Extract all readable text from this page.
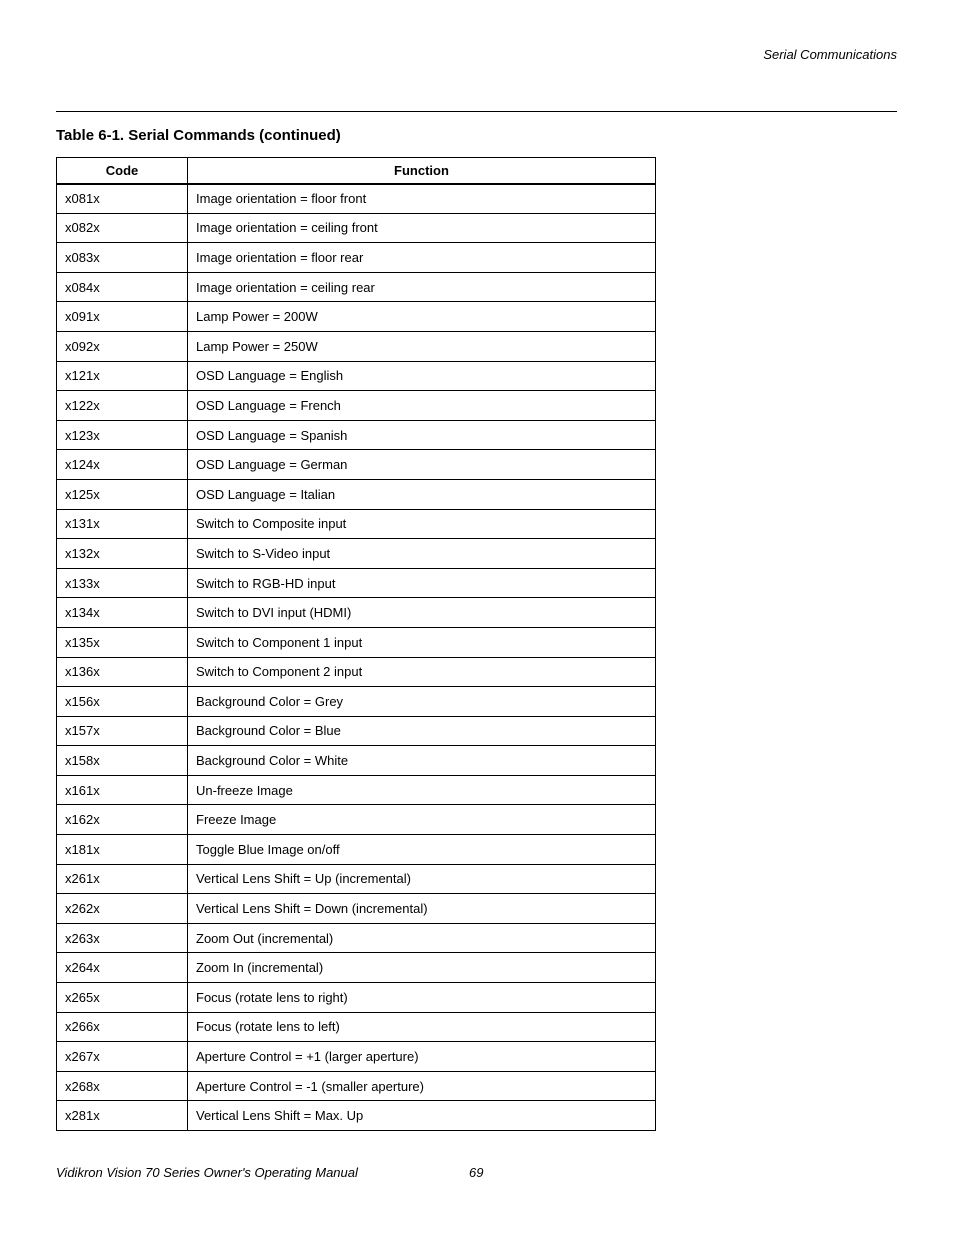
Serial Communications
Table 6-1. Serial Commands (continued)
Code	Function
x081x	Image orientation = floor front
x082x	Image orientation = ceiling front
x083x	Image orientation = floor rear
x084x	Image orientation = ceiling rear
x091x	Lamp Power = 200W
x092x	Lamp Power = 250W
x121x	OSD Language = English
x122x	OSD Language = French
x123x	OSD Language = Spanish
x124x	OSD Language = German
x125x	OSD Language = Italian
x131x	Switch to Composite input
x132x	Switch to S-Video input
x133x	Switch to RGB-HD input
x134x	Switch to DVI input (HDMI)
x135x	Switch to Component 1 input
x136x	Switch to Component 2 input
x156x	Background Color = Grey
x157x	Background Color = Blue
x158x	Background Color = White
x161x	Un-freeze Image
x162x	Freeze Image
x181x	Toggle Blue Image on/off
x261x	Vertical Lens Shift = Up (incremental)
x262x	Vertical Lens Shift = Down (incremental)
x263x	Zoom Out (incremental)
x264x	Zoom In (incremental)
x265x	Focus (rotate lens to right)
x266x	Focus (rotate lens to left)
x267x	Aperture Control = +1 (larger aperture)
x268x	Aperture Control = -1 (smaller aperture)
x281x	Vertical Lens Shift = Max. Up
Vidikron Vision 70 Series Owner's Operating Manual	69
